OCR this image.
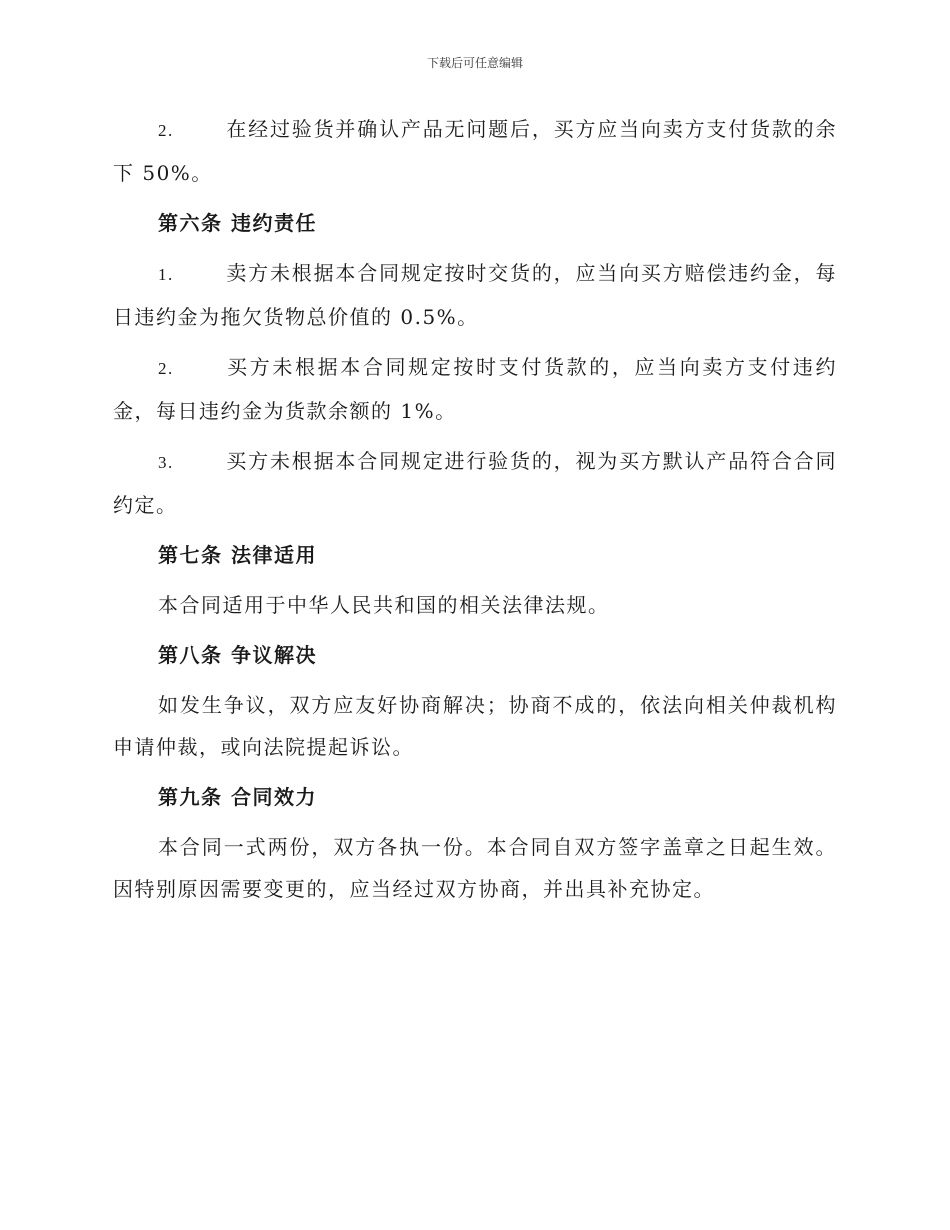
下载后可任意编辑

2.	在经过验货并确认产品无问题后，买方应当向卖方支付货款的余下 50%。

第六条 违约责任

1.	卖方未根据本合同规定按时交货的，应当向买方赔偿违约金，每日违约金为拖欠货物总价值的 0.5%。

2.	买方未根据本合同规定按时支付货款的，应当向卖方支付违约金，每日违约金为货款余额的 1%。

3.	买方未根据本合同规定进行验货的，视为买方默认产品符合合同约定。

第七条 法律适用

本合同适用于中华人民共和国的相关法律法规。

第八条 争议解决

如发生争议，双方应友好协商解决；协商不成的，依法向相关仲裁机构申请仲裁，或向法院提起诉讼。

第九条 合同效力

本合同一式两份，双方各执一份。本合同自双方签字盖章之日起生效。因特别原因需要变更的，应当经过双方协商，并出具补充协定。
